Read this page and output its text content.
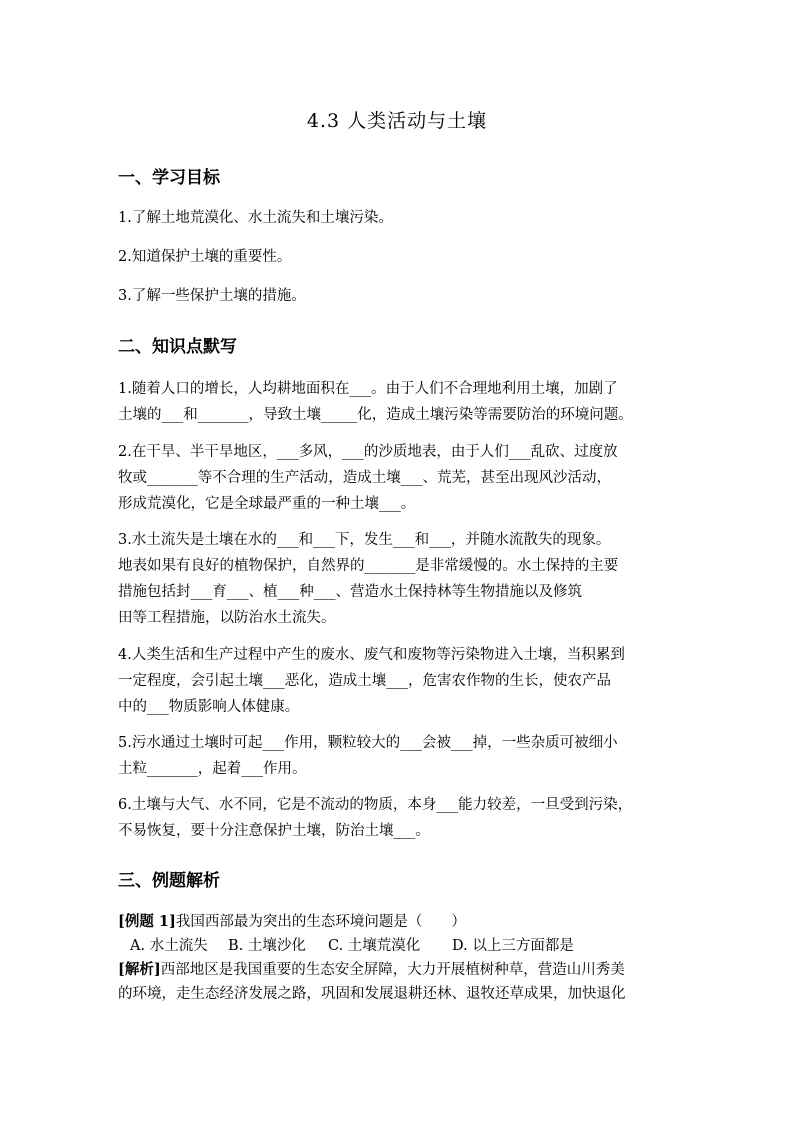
4.3 人类活动与土壤
一、学习目标
1.了解土地荒漠化、水土流失和土壤污染。
2.知道保护土壤的重要性。
3.了解一些保护土壤的措施。
二、知识点默写
1.随着人口的增长，人均耕地面积在___。由于人们不合理地利用土壤，加剧了
土壤的___和_______，导致土壤_____化，造成土壤污染等需要防治的环境问题。
2.在干旱、半干旱地区，___多风，___的沙质地表，由于人们___乱砍、过度放
牧或_______等不合理的生产活动，造成土壤___、荒芜，甚至出现风沙活动，
形成荒漠化，它是全球最严重的一种土壤___。
3.水土流失是土壤在水的___和___下，发生___和___，并随水流散失的现象。
地表如果有良好的植物保护，自然界的_______是非常缓慢的。水土保持的主要
措施包括封___育___、植___种___、营造水土保持林等生物措施以及修筑
田等工程措施，以防治水土流失。
4.人类生活和生产过程中产生的废水、废气和废物等污染物进入土壤，当积累到
一定程度，会引起土壤___恶化，造成土壤___，危害农作物的生长，使农产品
中的___物质影响人体健康。
5.污水通过土壤时可起___作用，颗粒较大的___会被___掉，一些杂质可被细小
土粒_______，起着___作用。
6.土壤与大气、水不同，它是不流动的物质，本身___能力较差，一旦受到污染，
不易恢复，要十分注意保护土壤，防治土壤___。
三、例题解析
[例题 1]我国西部最为突出的生态环境问题是（　　）
A. 水土流失 B. 土壤沙化 C. 土壤荒漠化 D. 以上三方面都是
[解析]西部地区是我国重要的生态安全屏障，大力开展植树种草，营造山川秀美
的环境，走生态经济发展之路，巩固和发展退耕还林、退牧还草成果，加快退化
